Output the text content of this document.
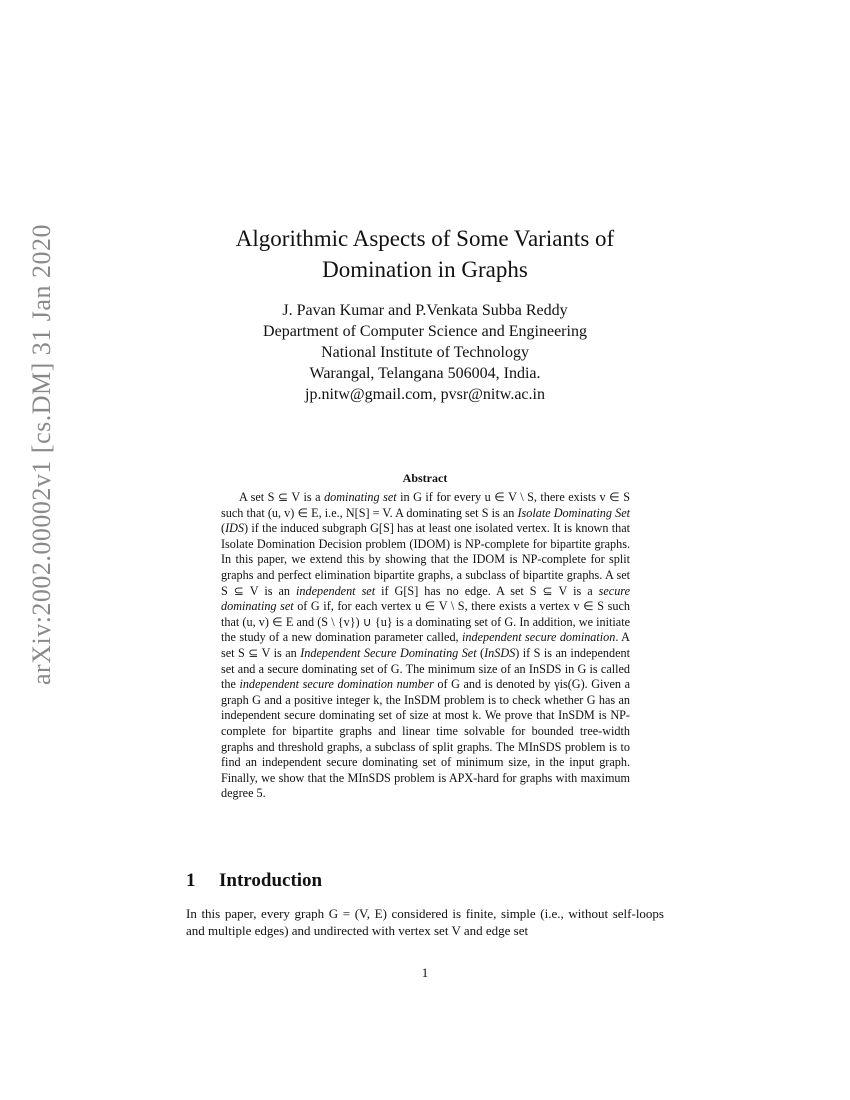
arXiv:2002.00002v1 [cs.DM] 31 Jan 2020	Algorithmic Aspects of Some Variants of
Domination in Graphs
J. Pavan Kumar and P.Venkata Subba Reddy
Department of Computer Science and Engineering
National Institute of Technology
Warangal, Telangana 506004, India.
jp.nitw@gmail.com, pvsr@nitw.ac.in
Abstract

A set S ⊆ V is a dominating set in G if for every u ∈ V \ S, there exists v ∈ S such that (u, v) ∈ E, i.e., N[S] = V. A dominating set S is an Isolate Dominating Set (IDS) if the induced subgraph G[S] has at least one isolated vertex. It is known that Isolate Domination Decision problem (IDOM) is NP-complete for bipartite graphs. In this paper, we extend this by showing that the IDOM is NP-complete for split graphs and perfect elimination bipartite graphs, a subclass of bipartite graphs. A set S ⊆ V is an independent set if G[S] has no edge. A set S ⊆ V is a secure dominating set of G if, for each vertex u ∈ V \ S, there exists a vertex v ∈ S such that (u, v) ∈ E and (S \ {v}) ∪ {u} is a dominating set of G. In addition, we initiate the study of a new domination parameter called, independent secure domination. A set S ⊆ V is an Independent Secure Dominating Set (InSDS) if S is an independent set and a secure dominating set of G. The minimum size of an InSDS in G is called the independent secure domination number of G and is denoted by γis(G). Given a graph G and a positive integer k, the InSDM problem is to check whether G has an independent secure dominating set of size at most k. We prove that InSDM is NP-complete for bipartite graphs and linear time solvable for bounded tree-width graphs and threshold graphs, a subclass of split graphs. The MInSDS problem is to find an independent secure dominating set of minimum size, in the input graph. Finally, we show that the MInSDS problem is APX-hard for graphs with maximum degree 5.

1 Introduction
In this paper, every graph G = (V, E) considered is finite, simple (i.e., without self-loops and multiple edges) and undirected with vertex set V and edge set
1
